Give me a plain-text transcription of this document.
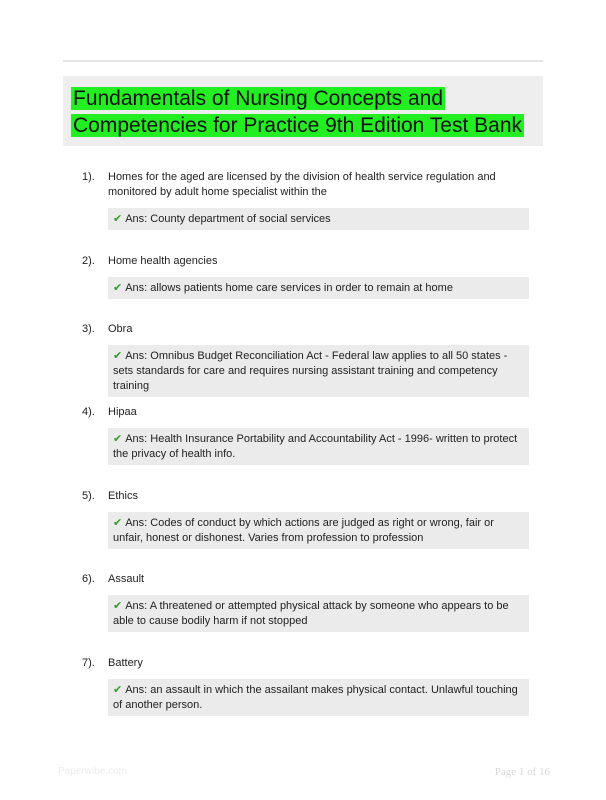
Fundamentals of Nursing Concepts and Competencies for Practice 9th Edition Test Bank
1). Homes for the aged are licensed by the division of health service regulation and monitored by adult home specialist within the
✔ Ans: County department of social services
2). Home health agencies
✔ Ans: allows patients home care services in order to remain at home
3). Obra
✔ Ans: Omnibus Budget Reconciliation Act - Federal law applies to all 50 states - sets standards for care and requires nursing assistant training and competency training
4). Hipaa
✔ Ans: Health Insurance Portability and Accountability Act - 1996- written to protect the privacy of health info.
5). Ethics
✔ Ans: Codes of conduct by which actions are judged as right or wrong, fair or unfair, honest or dishonest. Varies from profession to profession
6). Assault
✔ Ans: A threatened or attempted physical attack by someone who appears to be able to cause bodily harm if not stopped
7). Battery
✔ Ans: an assault in which the assailant makes physical contact. Unlawful touching of another person.
Paperwibe.com	Page 1 of 16
